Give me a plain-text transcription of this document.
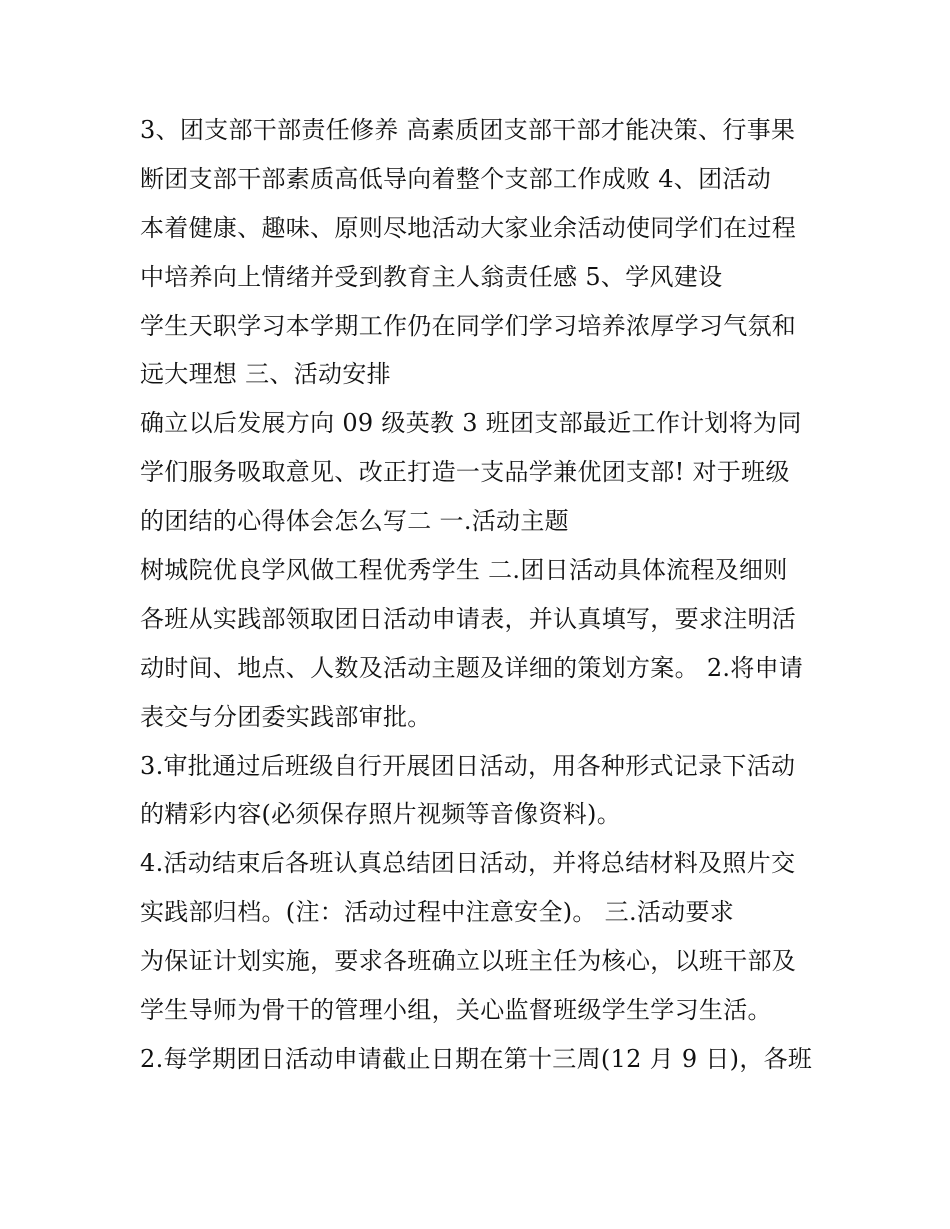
3、团支部干部责任修养 高素质团支部干部才能决策、行事果
断团支部干部素质高低导向着整个支部工作成败 4、团活动
本着健康、趣味、原则尽地活动大家业余活动使同学们在过程
中培养向上情绪并受到教育主人翁责任感 5、学风建设
学生天职学习本学期工作仍在同学们学习培养浓厚学习气氛和
远大理想 三、活动安排
确立以后发展方向 09 级英教 3 班团支部最近工作计划将为同
学们服务吸取意见、改正打造一支品学兼优团支部! 对于班级
的团结的心得体会怎么写二 一.活动主题
树城院优良学风做工程优秀学生 二.团日活动具体流程及细则
各班从实践部领取团日活动申请表，并认真填写，要求注明活
动时间、地点、人数及活动主题及详细的策划方案。 2.将申请
表交与分团委实践部审批。
3.审批通过后班级自行开展团日活动，用各种形式记录下活动
的精彩内容(必须保存照片视频等音像资料)。
4.活动结束后各班认真总结团日活动，并将总结材料及照片交
实践部归档。(注：活动过程中注意安全)。 三.活动要求
为保证计划实施，要求各班确立以班主任为核心，以班干部及
学生导师为骨干的管理小组，关心监督班级学生学习生活。
2.每学期团日活动申请截止日期在第十三周(12 月 9 日)，各班
